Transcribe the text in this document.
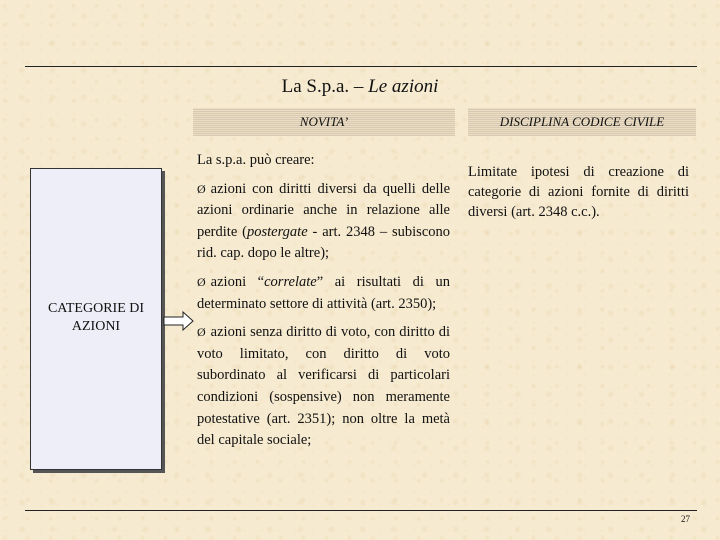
La S.p.a. – Le azioni
NOVITA’	DISCIPLINA CODICE CIVILE
CATEGORIE DI AZIONI

La s.p.a. può creare:

Ø azioni con diritti diversi da quelli delle azioni ordinarie anche in relazione alle perdite (postergate - art. 2348 – subiscono rid. cap. dopo le altre);

Ø azioni “correlate” ai risultati di un determinato settore di attività (art. 2350);

Ø azioni senza diritto di voto, con diritto di voto limitato, con diritto di voto subordinato al verificarsi di particolari condizioni (sospensive) non meramente potestative (art. 2351); non oltre la metà del capitale sociale;

Limitate ipotesi di creazione di categorie di azioni fornite di diritti diversi (art. 2348 c.c.).

27
